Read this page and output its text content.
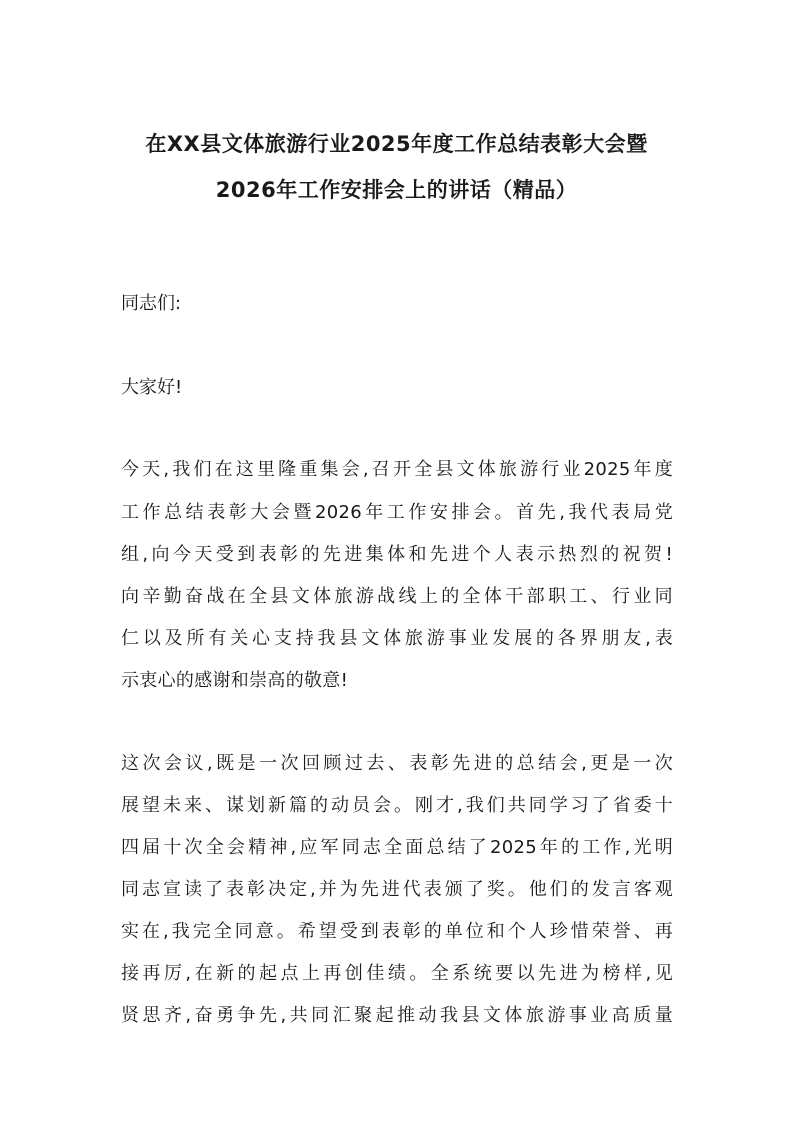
在XX县文体旅游行业2025年度工作总结表彰大会暨
2026年工作安排会上的讲话（精品）
同志们:
大家好!
今天,我们在这里隆重集会,召开全县文体旅游行业2025年度
工作总结表彰大会暨2026年工作安排会。首先,我代表局党
组,向今天受到表彰的先进集体和先进个人表示热烈的祝贺!
向辛勤奋战在全县文体旅游战线上的全体干部职工、行业同
仁以及所有关心支持我县文体旅游事业发展的各界朋友,表
示衷心的感谢和崇高的敬意!
这次会议,既是一次回顾过去、表彰先进的总结会,更是一次
展望未来、谋划新篇的动员会。刚才,我们共同学习了省委十
四届十次全会精神,应军同志全面总结了2025年的工作,光明
同志宣读了表彰决定,并为先进代表颁了奖。他们的发言客观
实在,我完全同意。希望受到表彰的单位和个人珍惜荣誉、再
接再厉,在新的起点上再创佳绩。全系统要以先进为榜样,见
贤思齐,奋勇争先,共同汇聚起推动我县文体旅游事业高质量
